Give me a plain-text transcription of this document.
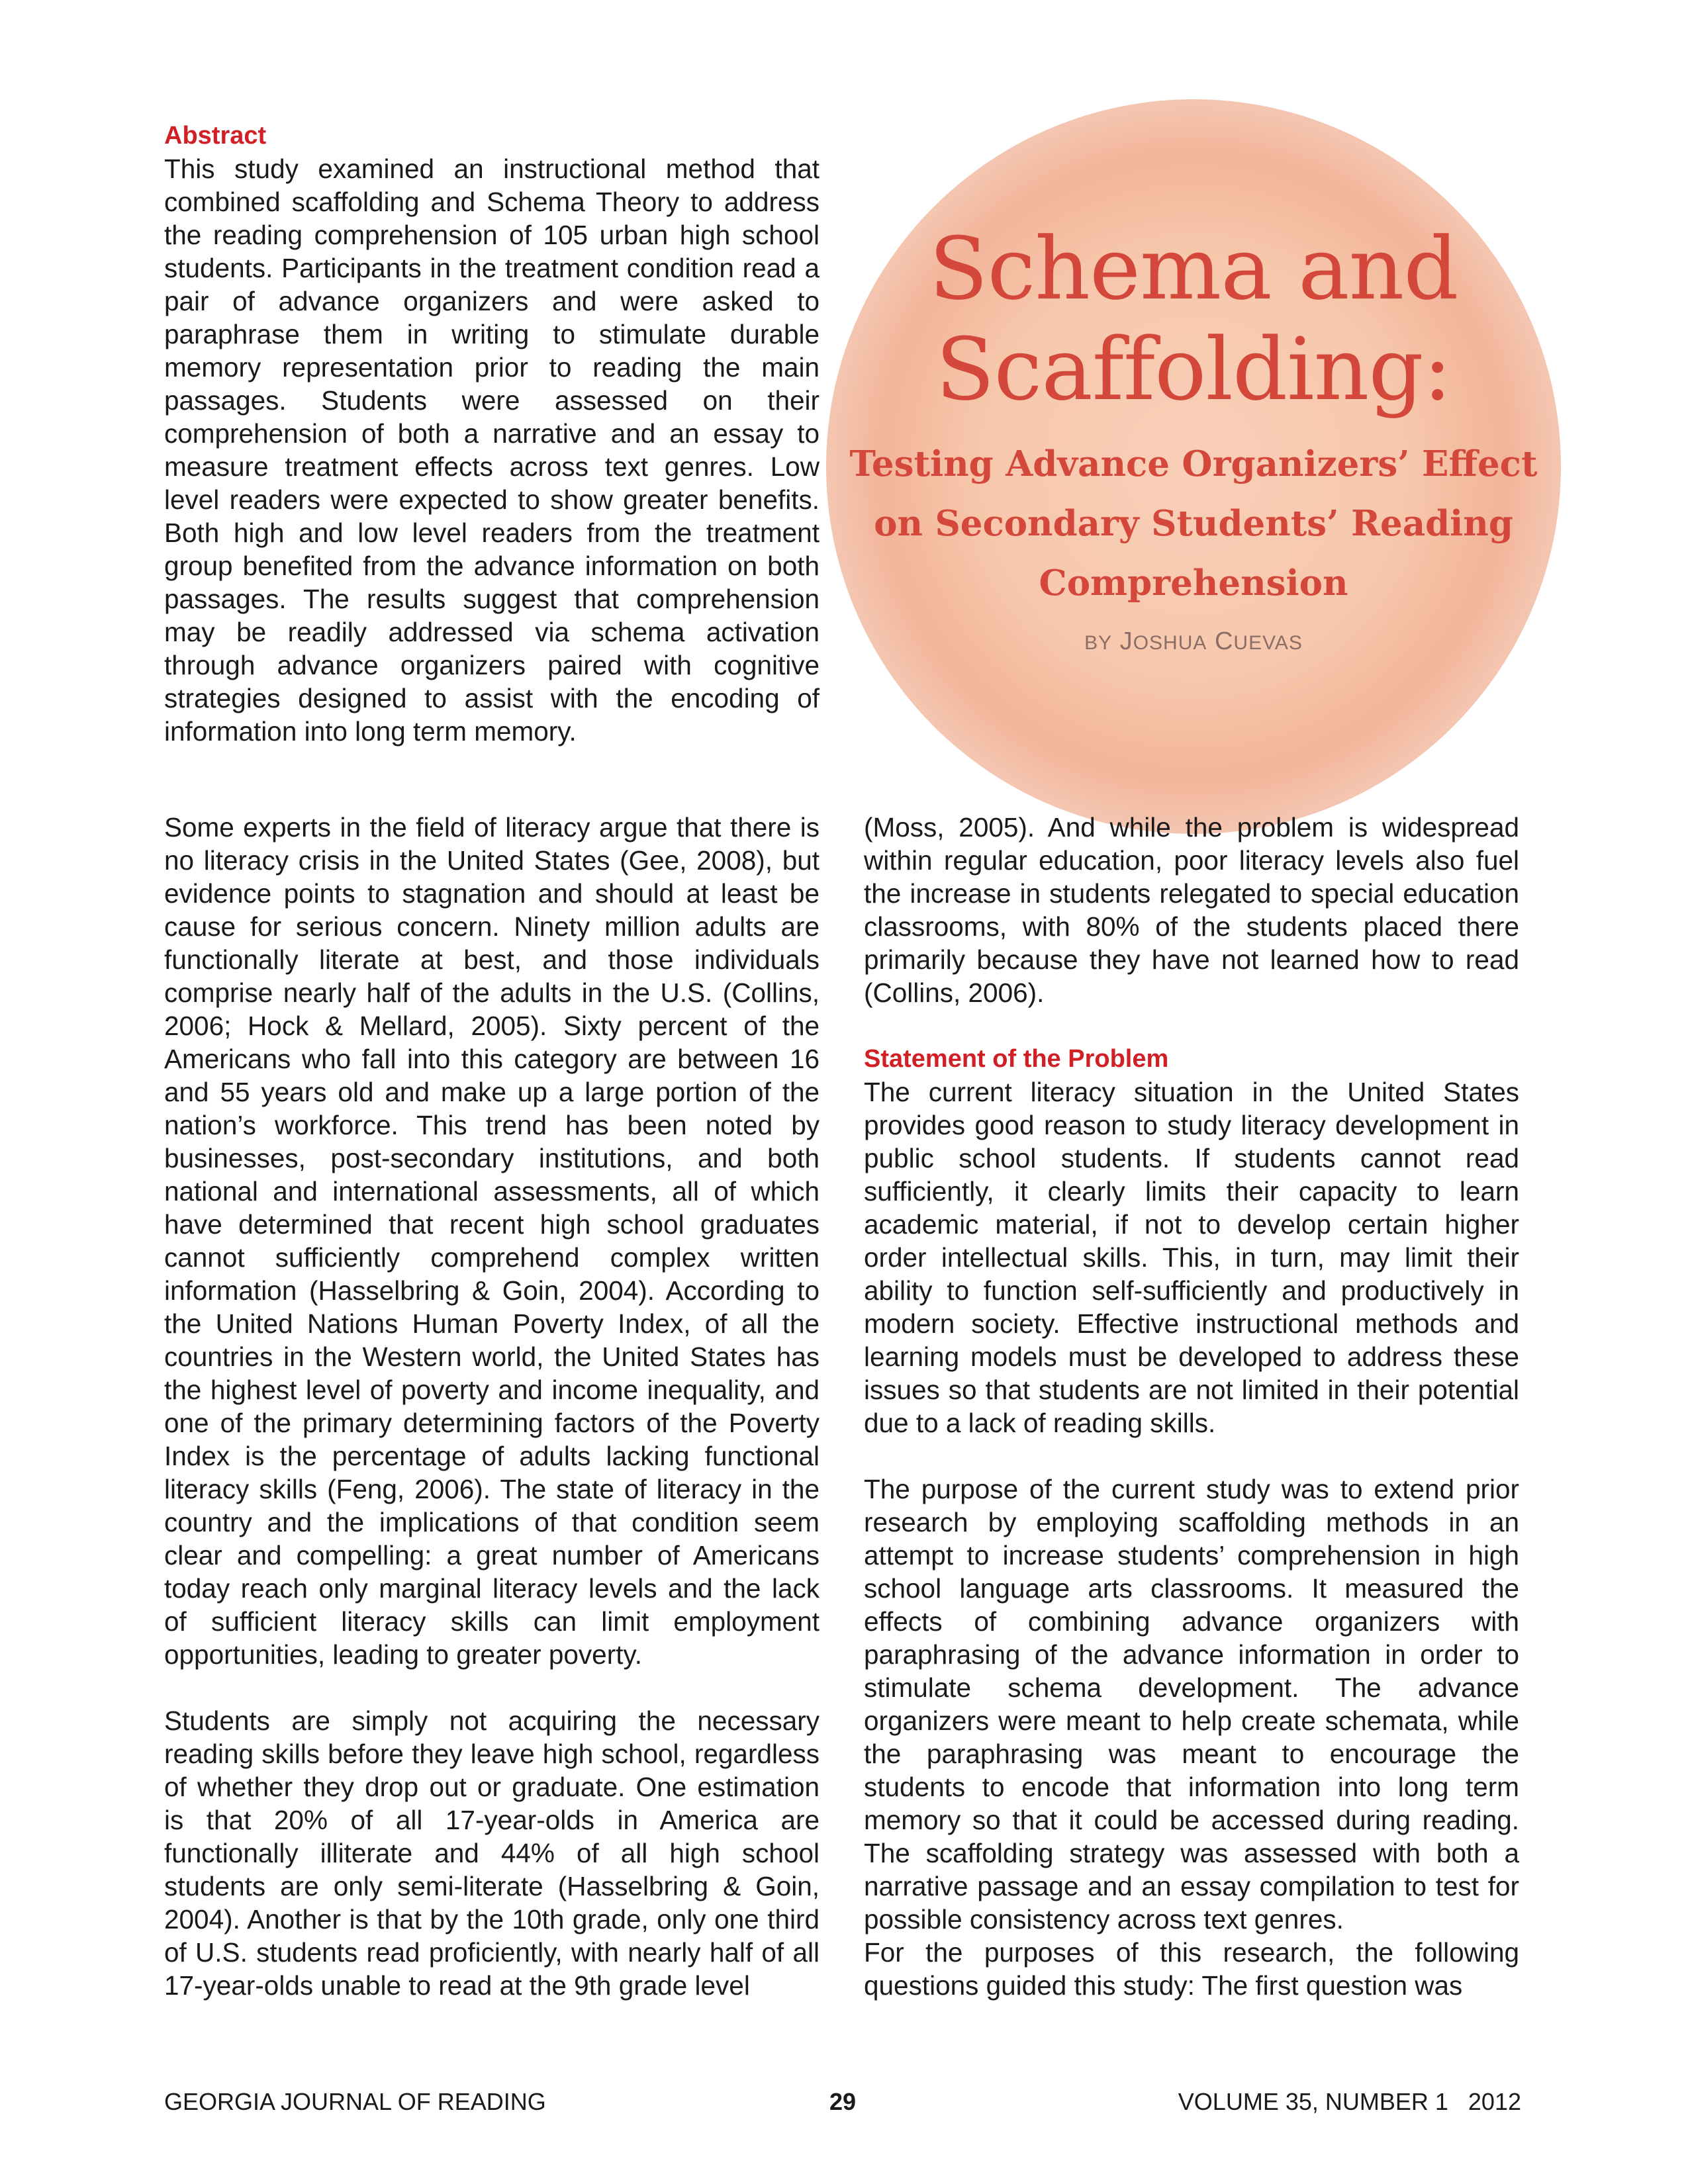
Abstract

This study examined an instructional method that combined scaffolding and Schema Theory to address the reading comprehension of 105 urban high school students. Participants in the treatment condition read a pair of advance organizers and were asked to paraphrase them in writing to stimulate durable memory representation prior to reading the main passages. Students were assessed on their comprehension of both a narrative and an essay to measure treatment effects across text genres. Low level readers were expected to show greater benefits. Both high and low level readers from the treatment group benefited from the advance information on both passages. The results suggest that comprehension may be readily addressed via schema activation through advance organizers paired with cognitive strategies designed to assist with the encoding of information into long term memory.

Schema and

Scaffolding:

Testing Advance Organizers’ Effect
on Secondary Students’ Reading
Comprehension
BY JOSHUA CUEVAS

Some experts in the field of literacy argue that there is no literacy crisis in the United States (Gee, 2008), but evidence points to stagnation and should at least be cause for serious concern. Ninety million adults are functionally literate at best, and those individuals comprise nearly half of the adults in the U.S. (Collins, 2006; Hock & Mellard, 2005). Sixty percent of the Americans who fall into this category are between 16 and 55 years old and make up a large portion of the nation’s workforce. This trend has been noted by businesses, post-secondary institutions, and both national and international assessments, all of which have determined that recent high school graduates cannot sufficiently comprehend complex written information (Hasselbring & Goin, 2004). According to the United Nations Human Poverty Index, of all the countries in the Western world, the United States has the highest level of poverty and income inequality, and one of the primary determining factors of the Poverty Index is the percentage of adults lacking functional literacy skills (Feng, 2006). The state of literacy in the country and the implications of that condition seem clear and compelling: a great number of Americans today reach only marginal literacy levels and the lack of sufficient literacy skills can limit employment opportunities, leading to greater poverty.

Students are simply not acquiring the necessary reading skills before they leave high school, regardless of whether they drop out or graduate. One estimation is that 20% of all 17-year-olds in America are functionally illiterate and 44% of all high school students are only semi-literate (Hasselbring & Goin, 2004). Another is that by the 10th grade, only one third of U.S. students read proficiently, with nearly half of all 17-year-olds unable to read at the 9th grade level

(Moss, 2005). And while the problem is widespread within regular education, poor literacy levels also fuel the increase in students relegated to special education classrooms, with 80% of the students placed there primarily because they have not learned how to read (Collins, 2006).

Statement of the Problem

The current literacy situation in the United States provides good reason to study literacy development in public school students. If students cannot read sufficiently, it clearly limits their capacity to learn academic material, if not to develop certain higher order intellectual skills. This, in turn, may limit their ability to function self-sufficiently and productively in modern society. Effective instructional methods and learning models must be developed to address these issues so that students are not limited in their potential due to a lack of reading skills.

The purpose of the current study was to extend prior research by employing scaffolding methods in an attempt to increase students’ comprehension in high school language arts classrooms. It measured the effects of combining advance organizers with paraphrasing of the advance information in order to stimulate schema development. The advance organizers were meant to help create schemata, while the paraphrasing was meant to encourage the students to encode that information into long term memory so that it could be accessed during reading. The scaffolding strategy was assessed with both a narrative passage and an essay compilation to test for possible consistency across text genres.

For the purposes of this research, the following questions guided this study: The first question was

GEORGIA JOURNAL OF READING	29	VOLUME 35, NUMBER 1   2012
